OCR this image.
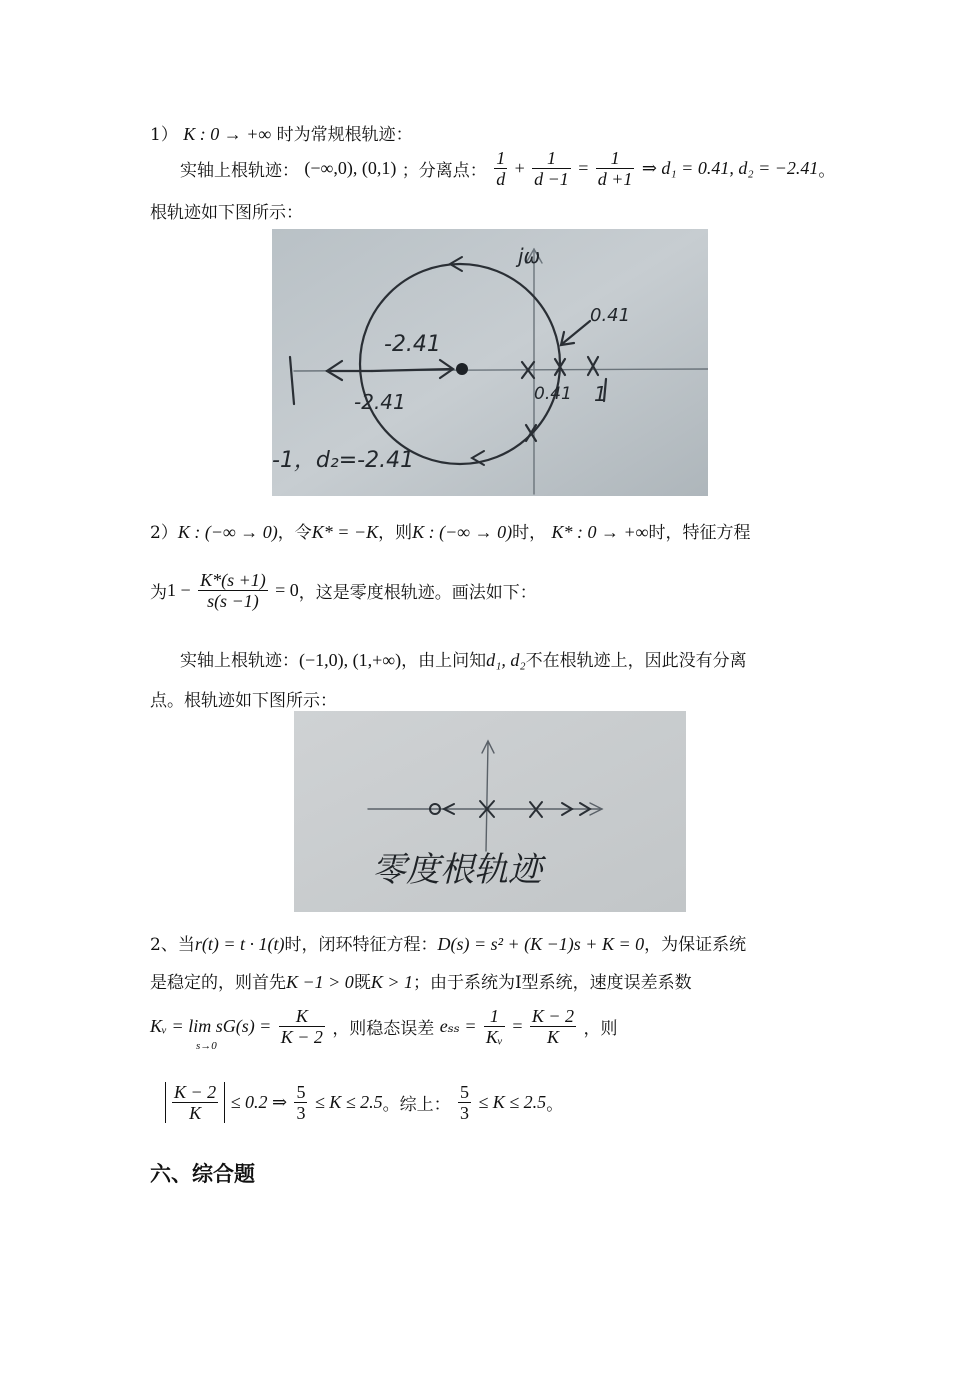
1） K : 0 → +∞ 时为常规根轨迹：
实轴上根轨迹： (−∞,0), (0,1) ；分离点： $\frac{1}{d} + \frac{1}{d -1} = \frac{1}{d +1}$ ⇒ d₁ = 0.41, d₂ = −2.41。
根轨迹如下图所示：
jω
0.41
-2.41
-2.41	0.41 1
-1，d₂=-2.41
2）K : (−∞ → 0)，令K* = −K，则K : (−∞ → 0)时， K* : 0 → +∞时，特征方程
为$1 - \frac{K*(s +1)}{s(s -1)} = 0$，这是零度根轨迹。画法如下：
实轴上根轨迹：(−1,0), (1,+∞)，由上问知d₁, d₂不在根轨迹上，因此没有分离
点。根轨迹如下图所示：
零度根轨迹
2、当r(t) = t · 1(t)时，闭环特征方程：D(s) = s² + (K −1)s + K = 0，为保证系统
是稳定的，则首先K −1 > 0既K > 1；由于系统为Ⅰ型系统，速度误差系数
Kᵥ = $\lim sG(s) = \frac{K}{K - 2}$ ，则稳态误差 $e_{ss} = \frac{1}{\text{Kᵥ}} = \frac{K - 2}{K}$ ，则
s→0
$\frac{K - 2}{K} \le 0.2$ ⇒ $\frac{5}{3} \le K \le 2.5$。综上： $\frac{5}{3} \le K \le 2.5$。
六、综合题
